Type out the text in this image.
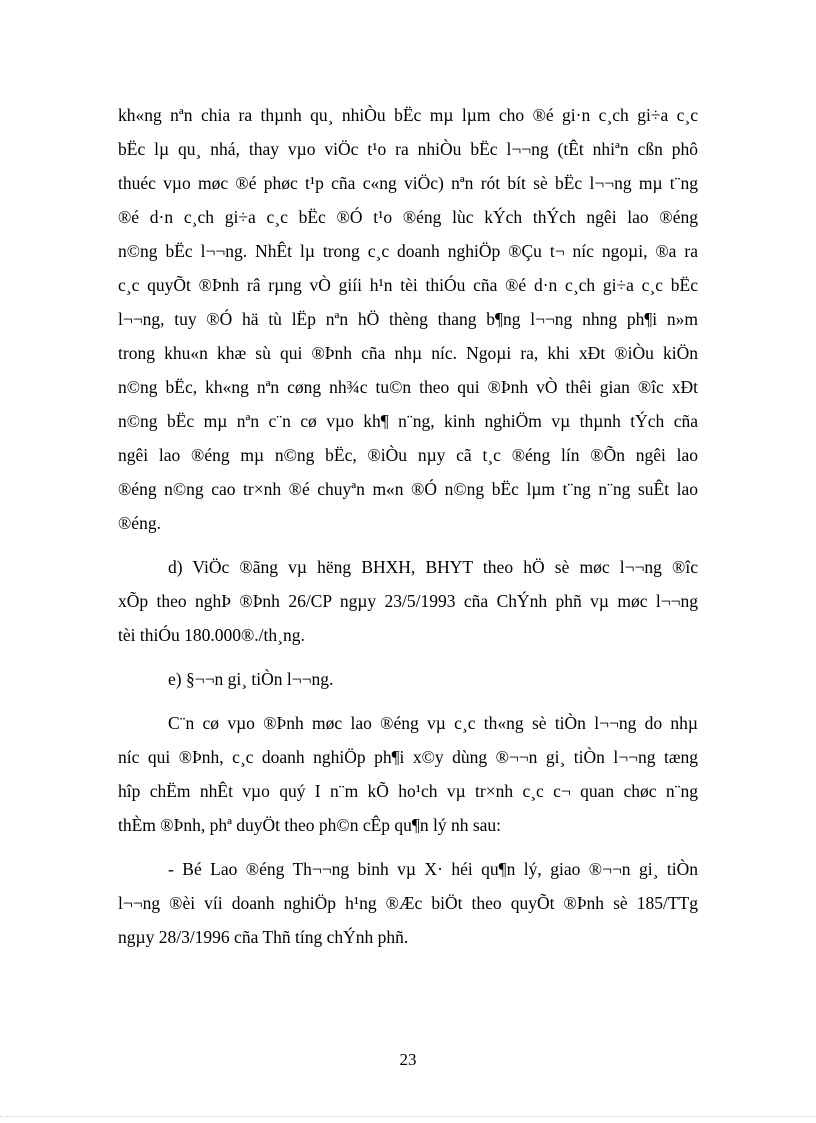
kh«ng nªn chia ra thµnh qu¸ nhiÒu bËc mµ lµm cho ®é gi·n c¸ch gi÷a c¸c
bËc lµ qu¸ nhá, thay vµo viÖc t¹o ra nhiÒu bËc l¬¬ng (tÊt nhiªn cßn phô
thuéc vµo møc ®é phøc t¹p cña c«ng viÖc) nªn rót bít sè bËc l¬¬ng mµ t¨ng
®é d·n c¸ch gi÷a c¸c bËc ®Ó t¹o ®éng lùc kÝch thÝch ngêi lao ®éng
n©ng bËc l¬¬ng. NhÊt lµ trong c¸c doanh nghiÖp ®Çu t¬ níc ngoµi, ®a ra
c¸c quyÕt ®Þnh râ rµng vÒ giíi h¹n tèi thiÓu cña ®é d·n c¸ch gi÷a c¸c bËc
l¬¬ng, tuy ®Ó hä tù lËp nªn hÖ thèng thang b¶ng l¬¬ng nhng ph¶i n»m
trong khu«n khæ sù qui ®Þnh cña nhµ níc. Ngoµi ra, khi xÐt ®iÒu kiÖn
n©ng bËc, kh«ng nªn cøng nh¾c tu©n theo qui ®Þnh vÒ thêi gian ®îc xÐt
n©ng bËc mµ nªn c¨n cø vµo kh¶ n¨ng, kinh nghiÖm vµ thµnh tÝch cña
ngêi lao ®éng mµ n©ng bËc, ®iÒu nµy cã t¸c ®éng lín ®Õn ngêi lao
®éng n©ng cao tr×nh ®é chuyªn m«n ®Ó n©ng bËc lµm t¨ng n¨ng suÊt lao
®éng.
d) ViÖc ®ãng vµ hëng BHXH, BHYT theo hÖ sè møc l¬¬ng ®îc
xÕp theo nghÞ ®Þnh 26/CP ngµy 23/5/1993 cña ChÝnh phñ vµ møc l¬¬ng
tèi thiÓu 180.000®./th¸ng.
e) §¬¬n gi¸ tiÒn l¬¬ng.
C¨n cø vµo ®Þnh møc lao ®éng vµ c¸c th«ng sè tiÒn l¬¬ng do nhµ
níc qui ®Þnh, c¸c doanh nghiÖp ph¶i x©y dùng ®¬¬n gi¸ tiÒn l¬¬ng tæng
hîp chËm nhÊt vµo quý I n¨m kÕ ho¹ch vµ tr×nh c¸c c¬ quan chøc n¨ng
thÈm ®Þnh, phª duyÖt theo ph©n cÊp qu¶n lý nh sau:
- Bé Lao ®éng Th¬¬ng binh vµ X· héi qu¶n lý, giao ®¬¬n gi¸ tiÒn
l¬¬ng ®èi víi doanh nghiÖp h¹ng ®Æc biÖt theo quyÕt ®Þnh sè 185/TTg
ngµy 28/3/1996 cña Thñ tíng chÝnh phñ.
23
